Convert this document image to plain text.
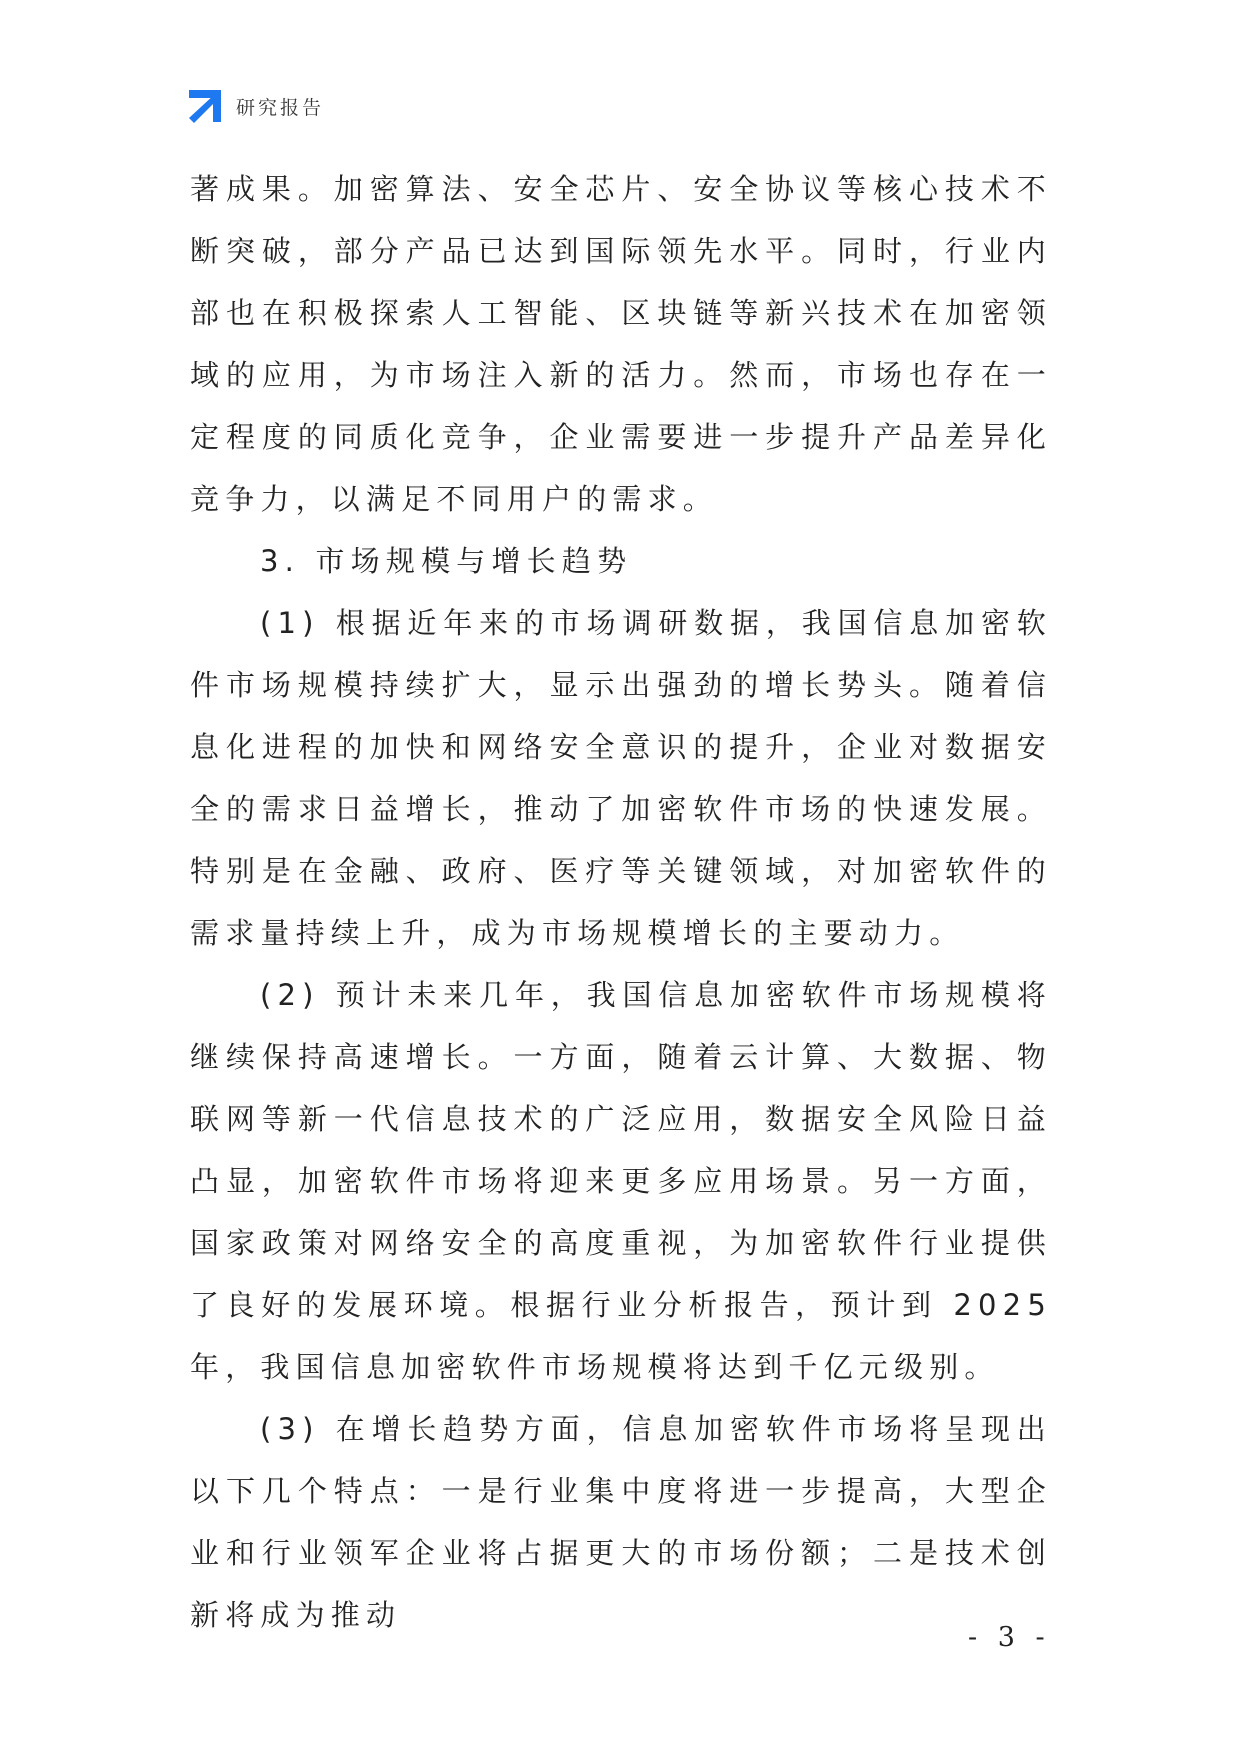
研究报告

著成果。加密算法、安全芯片、安全协议等核心技术不断突破，部分产品已达到国际领先水平。同时，行业内部也在积极探索人工智能、区块链等新兴技术在加密领域的应用，为市场注入新的活力。然而，市场也存在一定程度的同质化竞争，企业需要进一步提升产品差异化竞争力，以满足不同用户的需求。

3. 市场规模与增长趋势

(1) 根据近年来的市场调研数据，我国信息加密软件市场规模持续扩大，显示出强劲的增长势头。随着信息化进程的加快和网络安全意识的提升，企业对数据安全的需求日益增长，推动了加密软件市场的快速发展。特别是在金融、政府、医疗等关键领域，对加密软件的需求量持续上升，成为市场规模增长的主要动力。

(2) 预计未来几年，我国信息加密软件市场规模将继续保持高速增长。一方面，随着云计算、大数据、物联网等新一代信息技术的广泛应用，数据安全风险日益凸显，加密软件市场将迎来更多应用场景。另一方面，国家政策对网络安全的高度重视，为加密软件行业提供了良好的发展环境。根据行业分析报告，预计到 2025 年，我国信息加密软件市场规模将达到千亿元级别。

(3) 在增长趋势方面，信息加密软件市场将呈现出以下几个特点：一是行业集中度将进一步提高，大型企业和行业领军企业将占据更大的市场份额；二是技术创新将成为推动

- 3 -
